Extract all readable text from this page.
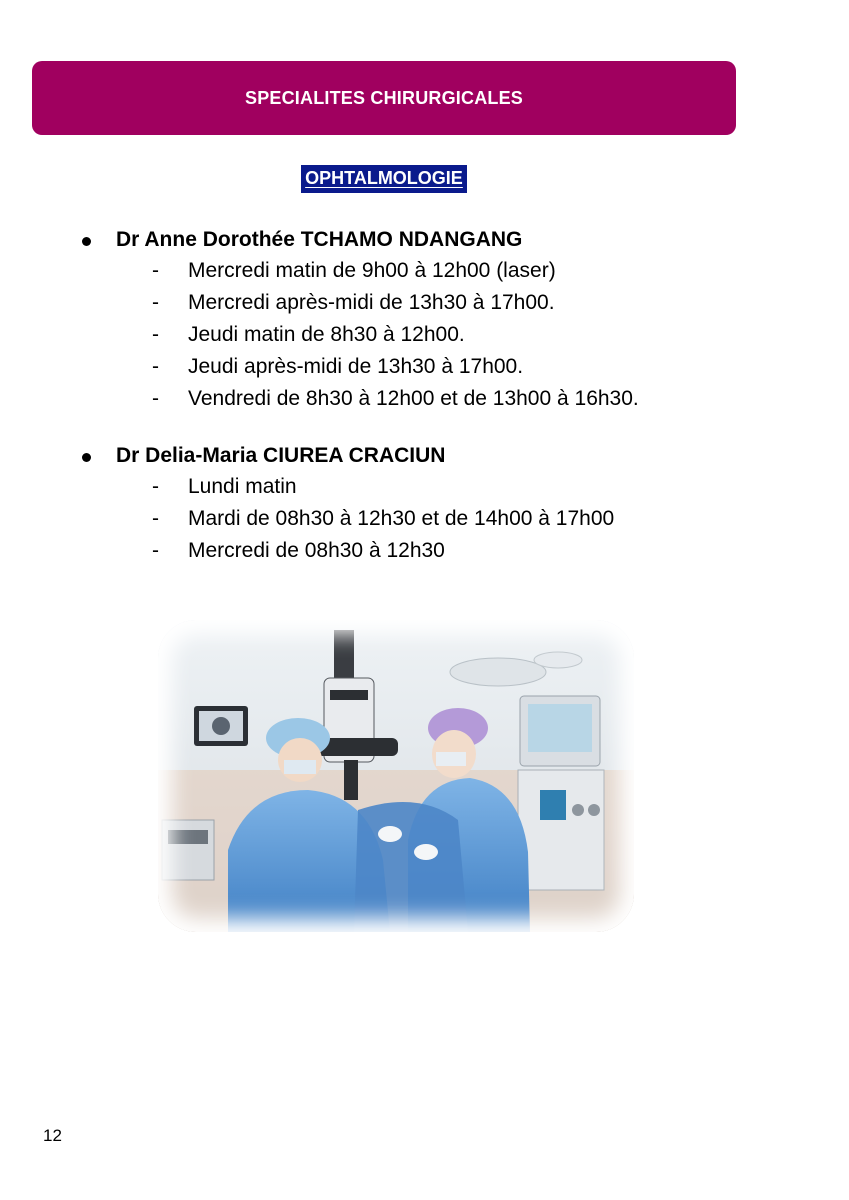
SPECIALITES CHIRURGICALES
OPHTALMOLOGIE
Dr Anne Dorothée TCHAMO NDANGANG
- Mercredi matin de 9h00 à 12h00 (laser)
- Mercredi après-midi de 13h30 à 17h00.
- Jeudi matin de 8h30 à 12h00.
- Jeudi après-midi de 13h30 à 17h00.
- Vendredi de 8h30 à 12h00 et de 13h00 à 16h30.
Dr Delia-Maria CIUREA CRACIUN
- Lundi matin
- Mardi de 08h30 à 12h30 et de 14h00 à 17h00
- Mercredi de 08h30 à 12h30
12
